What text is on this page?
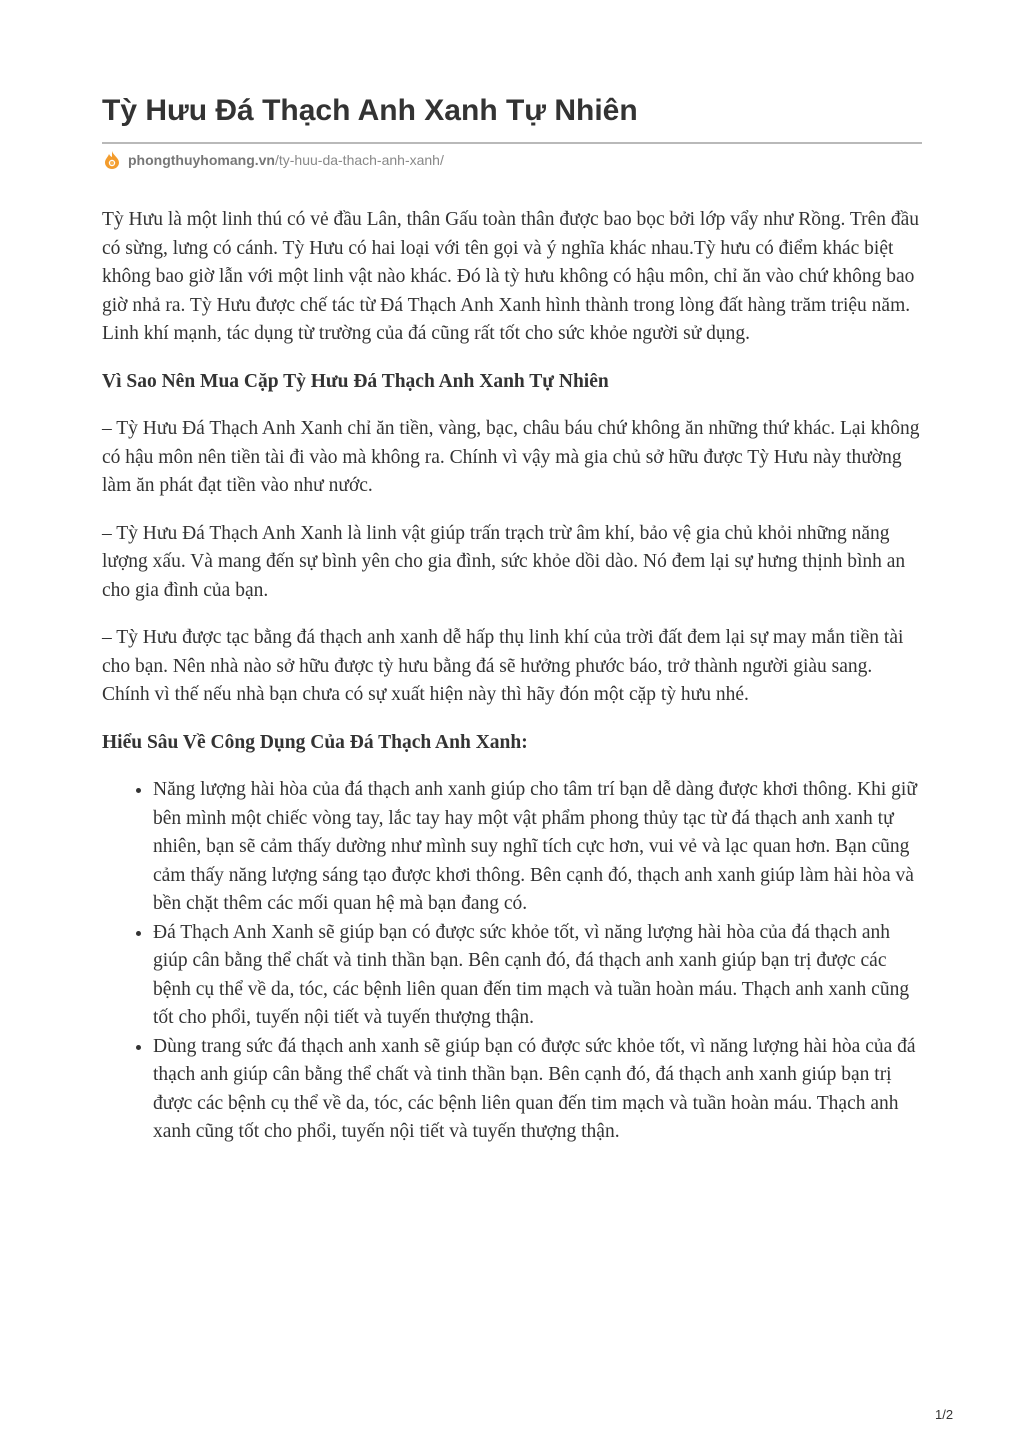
Tỳ Hưu Đá Thạch Anh Xanh Tự Nhiên
phongthuyhomang.vn /ty-huu-da-thach-anh-xanh/

Tỳ Hưu là một linh thú có vẻ đầu Lân, thân Gấu toàn thân được bao bọc bởi lớp vẩy như Rồng. Trên đầu có sừng, lưng có cánh. Tỳ Hưu có hai loại với tên gọi và ý nghĩa khác nhau.Tỳ hưu có điểm khác biệt không bao giờ lẫn với một linh vật nào khác. Đó là tỳ hưu không có hậu môn, chỉ ăn vào chứ không bao giờ nhả ra. Tỳ Hưu được chế tác từ Đá Thạch Anh Xanh hình thành trong lòng đất hàng trăm triệu năm. Linh khí mạnh, tác dụng từ trường của đá cũng rất tốt cho sức khỏe người sử dụng.

Vì Sao Nên Mua Cặp Tỳ Hưu Đá Thạch Anh Xanh Tự Nhiên

– Tỳ Hưu Đá Thạch Anh Xanh chỉ ăn tiền, vàng, bạc, châu báu chứ không ăn những thứ khác. Lại không có hậu môn nên tiền tài đi vào mà không ra. Chính vì vậy mà gia chủ sở hữu được Tỳ Hưu này thường làm ăn phát đạt tiền vào như nước.

– Tỳ Hưu Đá Thạch Anh Xanh là linh vật giúp trấn trạch trừ âm khí, bảo vệ gia chủ khỏi những năng lượng xấu. Và mang đến sự bình yên cho gia đình, sức khỏe dồi dào. Nó đem lại sự hưng thịnh bình an cho gia đình của bạn.

– Tỳ Hưu được tạc bằng đá thạch anh xanh dễ hấp thụ linh khí của trời đất đem lại sự may mắn tiền tài cho bạn. Nên nhà nào sở hữu được tỳ hưu bằng đá sẽ hưởng phước báo, trở thành người giàu sang. Chính vì thế nếu nhà bạn chưa có sự xuất hiện này thì hãy đón một cặp tỳ hưu nhé.

Hiểu Sâu Về Công Dụng Của Đá Thạch Anh Xanh:
• Năng lượng hài hòa của đá thạch anh xanh giúp cho tâm trí bạn dễ dàng được khơi thông. Khi giữ bên mình một chiếc vòng tay, lắc tay hay một vật phẩm phong thủy tạc từ đá thạch anh xanh tự nhiên, bạn sẽ cảm thấy dường như mình suy nghĩ tích cực hơn, vui vẻ và lạc quan hơn. Bạn cũng cảm thấy năng lượng sáng tạo được khơi thông. Bên cạnh đó, thạch anh xanh giúp làm hài hòa và bền chặt thêm các mối quan hệ mà bạn đang có.
• Đá Thạch Anh Xanh sẽ giúp bạn có được sức khỏe tốt, vì năng lượng hài hòa của đá thạch anh giúp cân bằng thể chất và tinh thần bạn. Bên cạnh đó, đá thạch anh xanh giúp bạn trị được các bệnh cụ thể về da, tóc, các bệnh liên quan đến tim mạch và tuần hoàn máu. Thạch anh xanh cũng tốt cho phổi, tuyến nội tiết và tuyến thượng thận.
• Dùng trang sức đá thạch anh xanh sẽ giúp bạn có được sức khỏe tốt, vì năng lượng hài hòa của đá thạch anh giúp cân bằng thể chất và tinh thần bạn. Bên cạnh đó, đá thạch anh xanh giúp bạn trị được các bệnh cụ thể về da, tóc, các bệnh liên quan đến tim mạch và tuần hoàn máu. Thạch anh xanh cũng tốt cho phổi, tuyến nội tiết và tuyến thượng thận.
1/2
